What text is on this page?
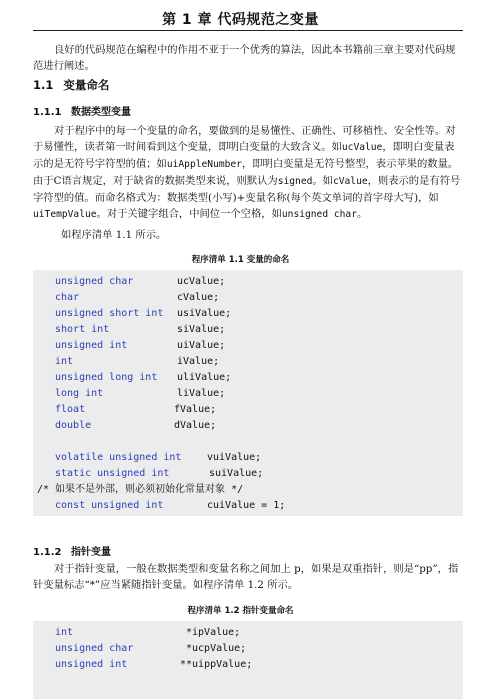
第 1 章 代码规范之变量
良好的代码规范在编程中的作用不亚于一个优秀的算法，因此本书籍前三章主要对代码规范进行阐述。
1.1 变量命名
1.1.1 数据类型变量
对于程序中的每一个变量的命名，要做到的是易懂性、正确性、可移植性、安全性等。对于易懂性，读者第一时间看到这个变量，即明白变量的大致含义。如ucValue，即明白变量表示的是无符号字符型的值；如uiAppleNumber，即明白变量是无符号整型，表示苹果的数量。由于C语言规定，对于缺省的数据类型来说，则默认为signed。如cValue，则表示的是有符号字符型的值。而命名格式为：数据类型(小写)+变量名称(每个英文单词的首字母大写)，如uiTempValue。对于关键字组合，中间位一个空格，如unsigned char。
如程序清单 1.1 所示。
程序清单 1.1 变量的命名
unsigned char	ucValue;
char	cValue;
unsigned short int usiValue;
short int	siValue;
unsigned int	uiValue;
int	iValue;
unsigned long int uliValue;
long int	liValue;
float	fValue;
double	dValue;
volatile unsigned int	vuiValue;
static unsigned int	suiValue;
/* 如果不是外部，则必须初始化常量对象 */
const unsigned int	cuiValue = 1;
1.1.2 指针变量
对于指针变量，一般在数据类型和变量名称之间加上 p，如果是双重指针，则是“pp”，指针变量标志“*”应当紧随指针变量。如程序清单 1.2 所示。
程序清单 1.2 指针变量命名
int	*ipValue;
unsigned char	*ucpValue;
unsigned int	**uippValue;
